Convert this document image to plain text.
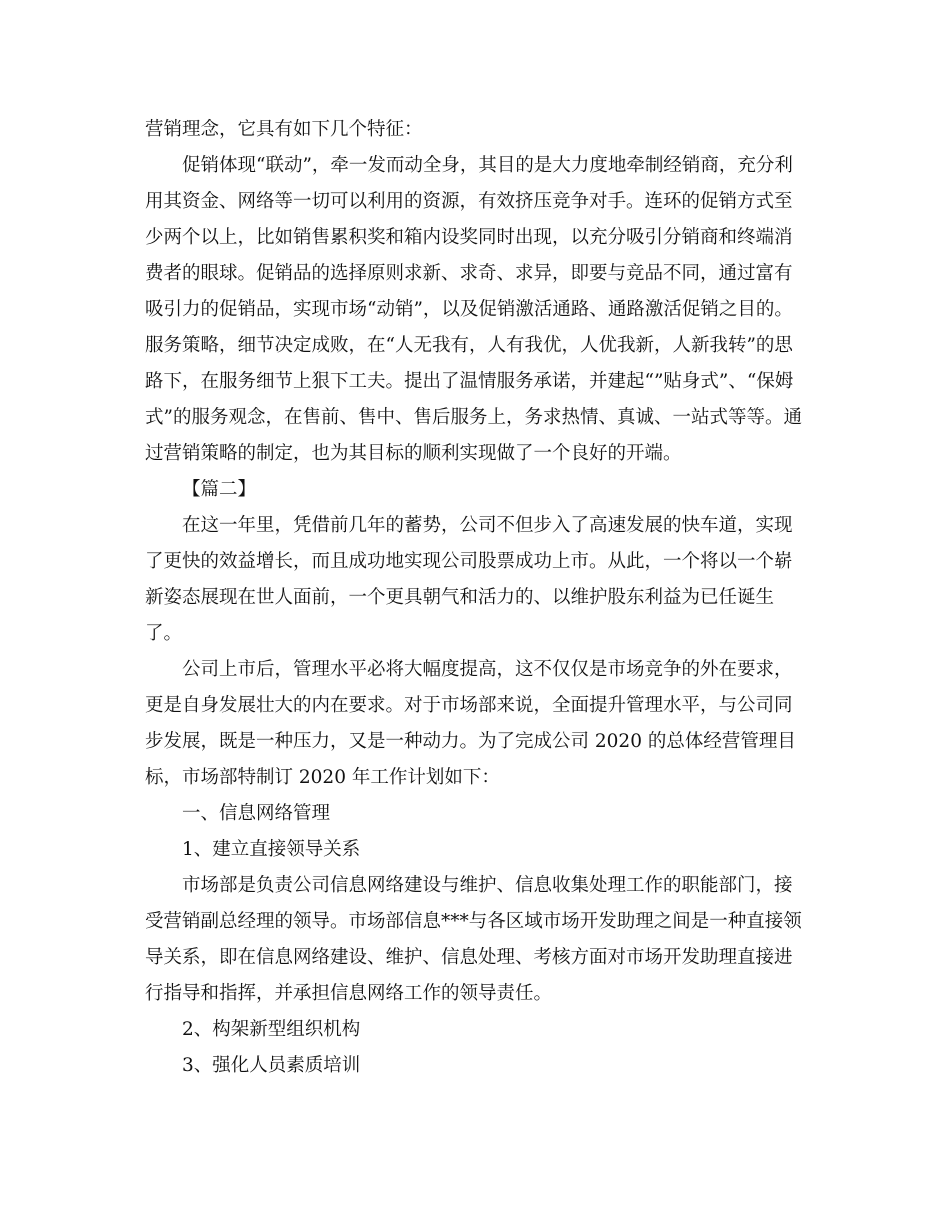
营销理念，它具有如下几个特征：
促销体现“联动”，牵一发而动全身，其目的是大力度地牵制经销商，充分利
用其资金、网络等一切可以利用的资源，有效挤压竞争对手。连环的促销方式至
少两个以上，比如销售累积奖和箱内设奖同时出现，以充分吸引分销商和终端消
费者的眼球。促销品的选择原则求新、求奇、求异，即要与竞品不同，通过富有
吸引力的促销品，实现市场“动销”，以及促销激活通路、通路激活促销之目的。
服务策略，细节决定成败，在“人无我有，人有我优，人优我新，人新我转”的思
路下，在服务细节上狠下工夫。提出了温情服务承诺，并建起“”贴身式”、“保姆
式”的服务观念，在售前、售中、售后服务上，务求热情、真诚、一站式等等。通
过营销策略的制定，也为其目标的顺利实现做了一个良好的开端。
【篇二】
在这一年里，凭借前几年的蓄势，公司不但步入了高速发展的快车道，实现
了更快的效益增长，而且成功地实现公司股票成功上市。从此，一个将以一个崭
新姿态展现在世人面前，一个更具朝气和活力的、以维护股东利益为已任诞生
了。
公司上市后，管理水平必将大幅度提高，这不仅仅是市场竞争的外在要求，
更是自身发展壮大的内在要求。对于市场部来说，全面提升管理水平，与公司同
步发展，既是一种压力，又是一种动力。为了完成公司 2020 的总体经营管理目
标，市场部特制订 2020 年工作计划如下：
一、信息网络管理
1、建立直接领导关系
市场部是负责公司信息网络建设与维护、信息收集处理工作的职能部门，接
受营销副总经理的领导。市场部信息***与各区域市场开发助理之间是一种直接领
导关系，即在信息网络建设、维护、信息处理、考核方面对市场开发助理直接进
行指导和指挥，并承担信息网络工作的领导责任。
2、构架新型组织机构
3、强化人员素质培训
